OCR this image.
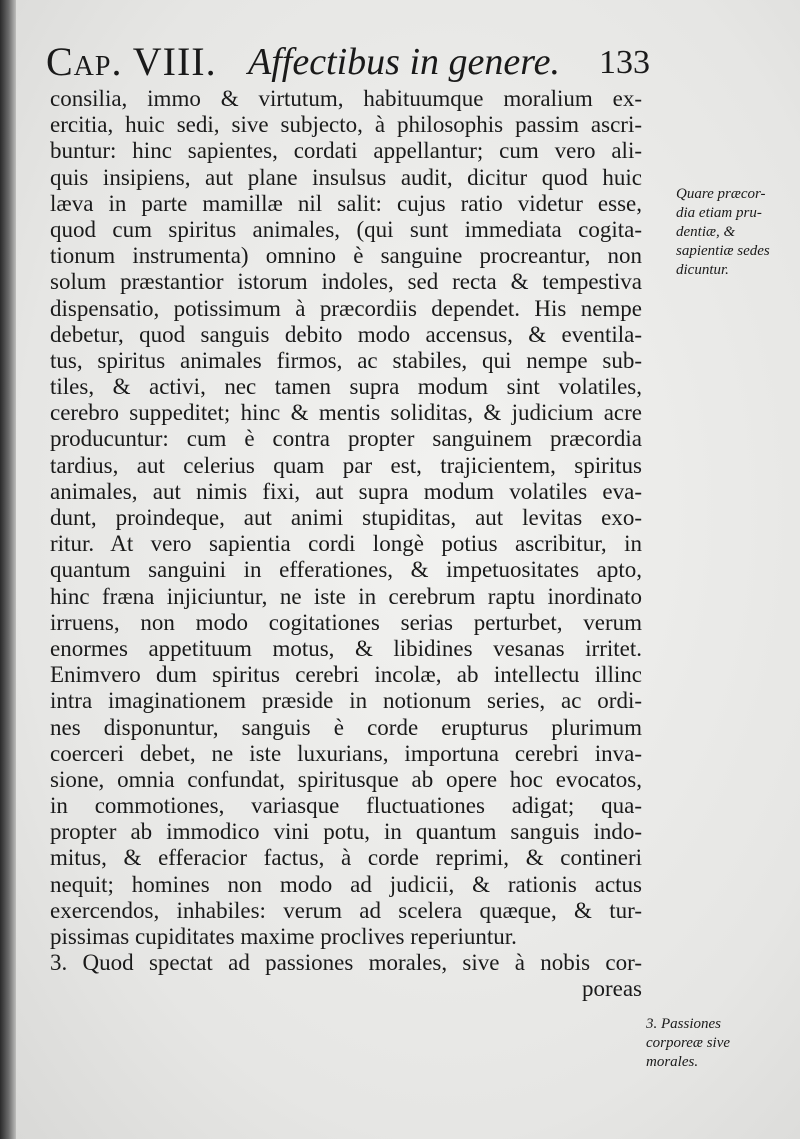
Cap. VIII. Affectibus in genere. 133
consilia, immo & virtutum, habituumque moralium ex-
ercitia, huic sedi, sive subjecto, à philosophis passim ascri-
buntur: hinc sapientes, cordati appellantur; cum vero ali-
quis insipiens, aut plane insulsus audit, dicitur quod huic
læva in parte mamillæ nil salit: cujus ratio videtur esse,
quod cum spiritus animales, (qui sunt immediata cogita-
tionum instrumenta) omnino è sanguine procreantur, non
solum præstantior istorum indoles, sed recta & tempestiva
dispensatio, potissimum à præcordiis dependet. His nempe
debetur, quod sanguis debito modo accensus, & eventila-
tus, spiritus animales firmos, ac stabiles, qui nempe sub-
tiles, & activi, nec tamen supra modum sint volatiles,
cerebro suppeditet; hinc & mentis soliditas, & judicium acre
producuntur: cum è contra propter sanguinem præcordia
tardius, aut celerius quam par est, trajicientem, spiritus
animales, aut nimis fixi, aut supra modum volatiles eva-
dunt, proindeque, aut animi stupiditas, aut levitas exo-
ritur. At vero sapientia cordi longè potius ascribitur, in
quantum sanguini in efferationes, & impetuositates apto,
hinc fræna injiciuntur, ne iste in cerebrum raptu inordinato
irruens, non modo cogitationes serias perturbet, verum
enormes appetituum motus, & libidines vesanas irritet.
Enimvero dum spiritus cerebri incolæ, ab intellectu illinc
intra imaginationem præside in notionum series, ac ordi-
nes disponuntur, sanguis è corde erupturus plurimum
coerceri debet, ne iste luxurians, importuna cerebri inva-
sione, omnia confundat, spiritusque ab opere hoc evocatos,
in commotiones, variasque fluctuationes adigat; qua-
propter ab immodico vini potu, in quantum sanguis indo-
mitus, & efferacior factus, à corde reprimi, & contineri
nequit; homines non modo ad judicii, & rationis actus
exercendos, inhabiles: verum ad scelera quæque, & tur-
pissimas cupiditates maxime proclives reperiuntur.
3. Quod spectat ad passiones morales, sive à nobis cor-
poreas
Quare præcor-
dia etiam pru-
dentiæ, &
sapientiæ sedes
dicuntur.
3. Passiones
corporeæ sive
morales.
